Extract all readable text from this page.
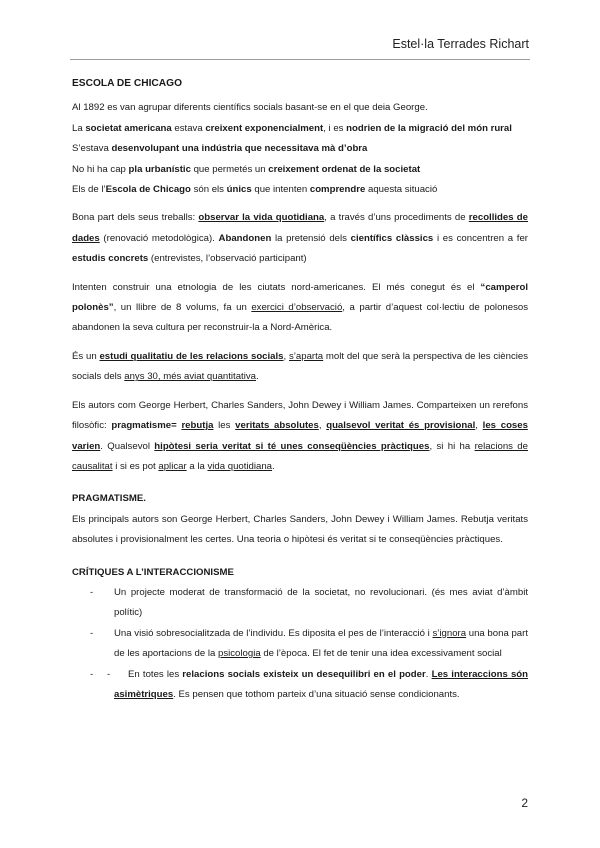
Estel·la Terrades Richart

ESCOLA DE CHICAGO

Al 1892 es van agrupar diferents científics socials basant-se en el que deia George.

La societat americana estava creixent exponencialment, i es nodrien de la migració del món rural

S’estava desenvolupant una indústria que necessitava mà d’obra

No hi ha cap pla urbanístic que permetés un creixement ordenat de la societat

Els de l’Escola de Chicago són els únics que intenten comprendre aquesta situació

Bona part dels seus treballs: observar la vida quotidiana, a través d’uns procediments de recollides de dades (renovació metodològica). Abandonen la pretensió dels científics clàssics i es concentren a fer estudis concrets (entrevistes, l’observació participant)

Intenten construir una etnologia de les ciutats nord-americanes. El més conegut és el “camperol polonès”, un llibre de 8 volums, fa un exercici d’observació, a partir d’aquest col·lectiu de polonesos abandonen la seva cultura per reconstruir-la a Nord-Amèrica.

És un estudi qualitatiu de les relacions socials, s’aparta molt del que serà la perspectiva de les ciències socials dels anys 30, més aviat quantitativa.

Els autors com George Herbert, Charles Sanders, John Dewey i William James. Comparteixen un rerefons filosòfic: pragmatisme= rebutja les veritats absolutes, qualsevol veritat és provisional, les coses varien. Qualsevol hipòtesi seria veritat si té unes conseqüències pràctiques, si hi ha relacions de causalitat i si es pot aplicar a la vida quotidiana.

PRAGMATISME.

Els principals autors son George Herbert, Charles Sanders, John Dewey i William James. Rebutja veritats absolutes i provisionalment les certes. Una teoria o hipòtesi és veritat si te conseqüències pràctiques.

CRÍTIQUES A L’INTERACCIONISME

- Un projecte moderat de transformació de la societat, no revolucionari. (és mes aviat d’àmbit polític)
- Una visió sobresocialitzada de l’individu. Es diposita el pes de l’interacció i s’ignora una bona part de les aportacions de la psicologia de l’època. El fet de tenir una idea excessivament social
- - En totes les relacions socials existeix un desequilibri en el poder. Les interaccions són asimètriques. Es pensen que tothom parteix d’una situació sense condicionants.
2
